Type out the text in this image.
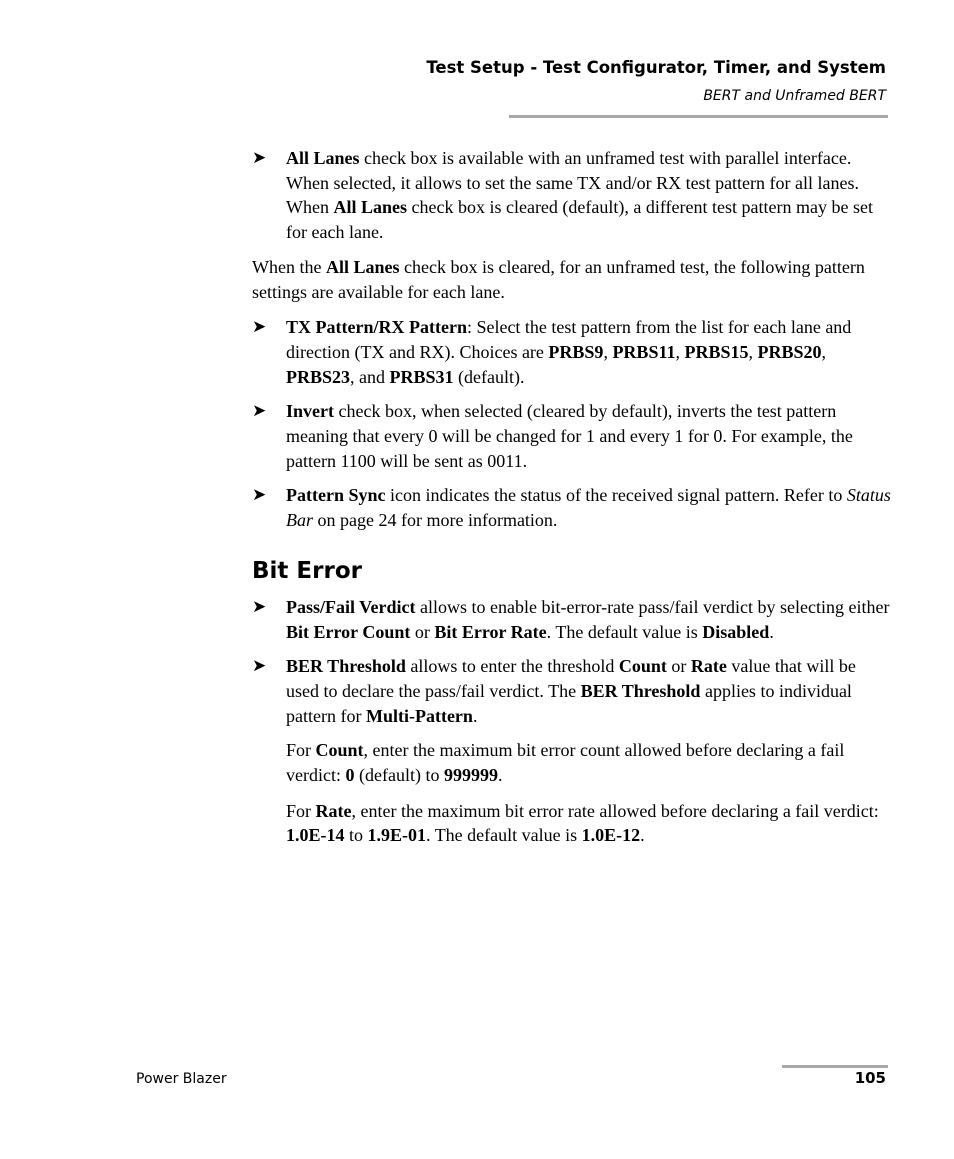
Test Setup - Test Configurator, Timer, and System
BERT and Unframed BERT
➤ All Lanes check box is available with an unframed test with parallel interface. When selected, it allows to set the same TX and/or RX test pattern for all lanes. When All Lanes check box is cleared (default), a different test pattern may be set for each lane.

When the All Lanes check box is cleared, for an unframed test, the following pattern settings are available for each lane.

➤ TX Pattern/RX Pattern: Select the test pattern from the list for each lane and direction (TX and RX). Choices are PRBS9, PRBS11, PRBS15, PRBS20, PRBS23, and PRBS31 (default).
➤ Invert check box, when selected (cleared by default), inverts the test pattern meaning that every 0 will be changed for 1 and every 1 for 0. For example, the pattern 1100 will be sent as 0011.
➤ Pattern Sync icon indicates the status of the received signal pattern. Refer to Status Bar on page 24 for more information.
Bit Error
➤ Pass/Fail Verdict allows to enable bit-error-rate pass/fail verdict by selecting either Bit Error Count or Bit Error Rate. The default value is Disabled.
➤ BER Threshold allows to enter the threshold Count or Rate value that will be used to declare the pass/fail verdict. The BER Threshold applies to individual pattern for Multi-Pattern.

For Count, enter the maximum bit error count allowed before declaring a fail verdict: 0 (default) to 999999.

For Rate, enter the maximum bit error rate allowed before declaring a fail verdict: 1.0E-14 to 1.9E-01. The default value is 1.0E-12.

Power Blazer	105
